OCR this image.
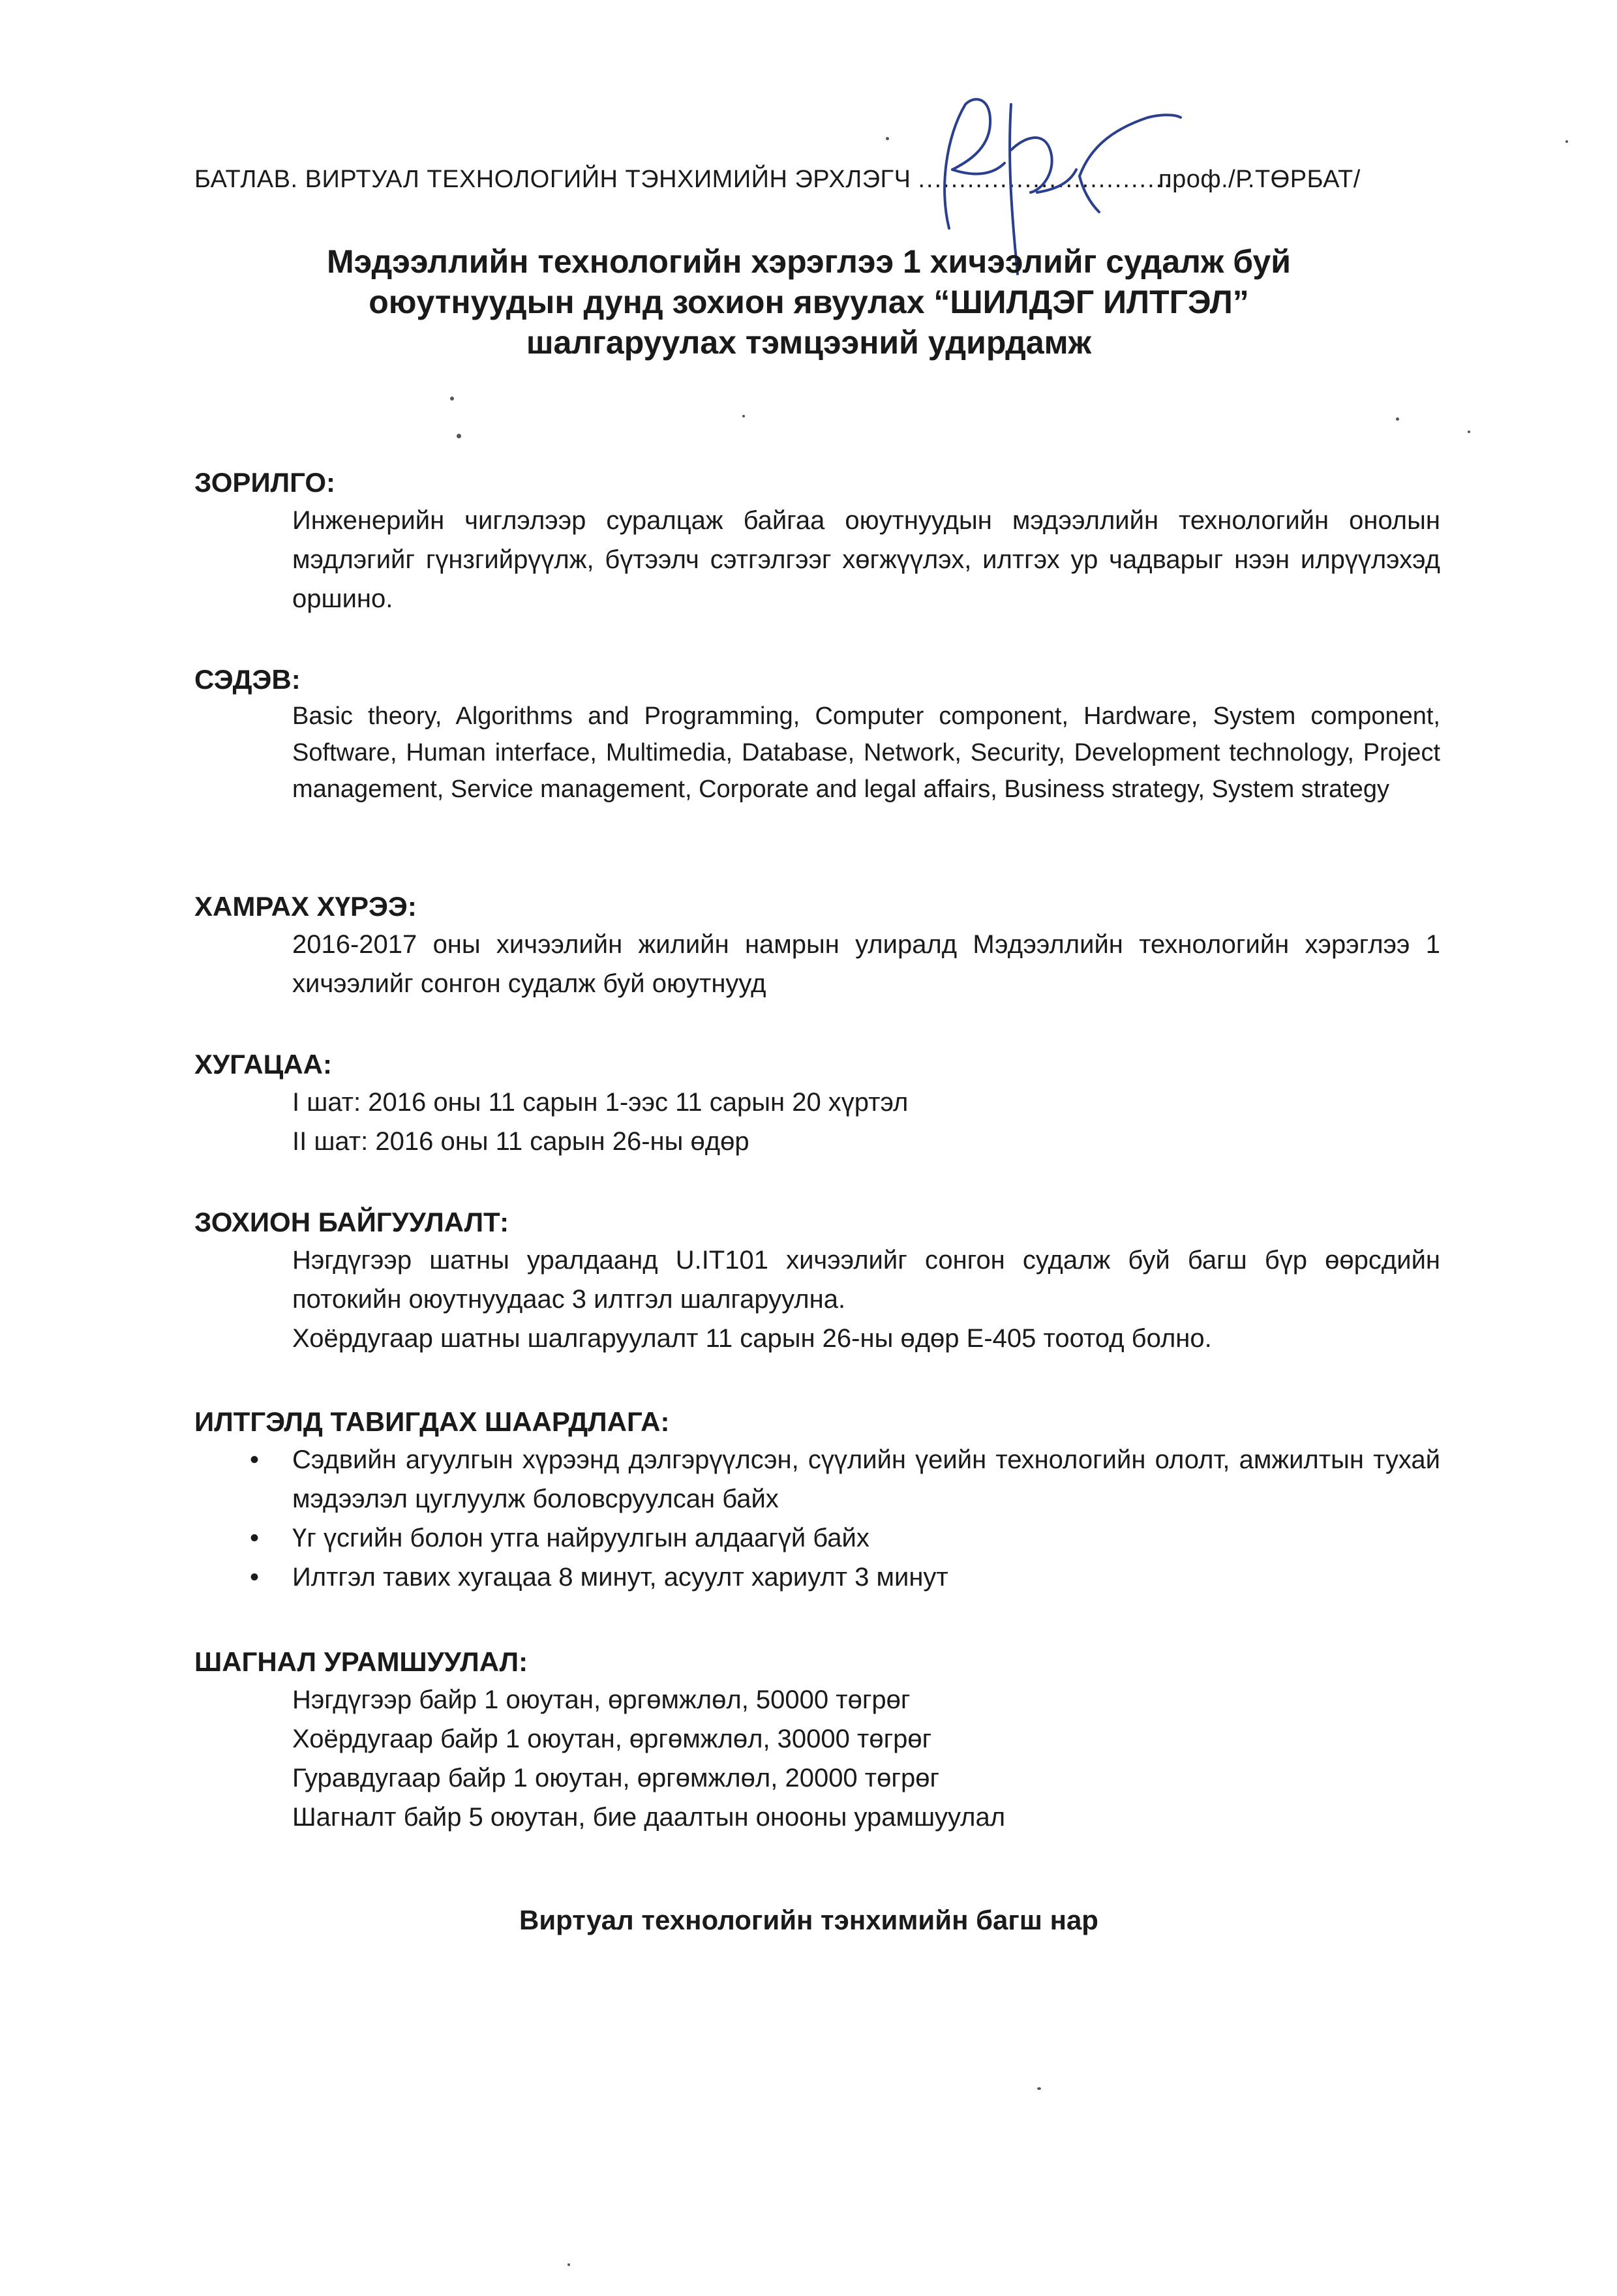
БАТЛАВ. ВИРТУАЛ ТЕХНОЛОГИЙН ТЭНХИМИЙН ЭРХЛЭГЧ ...............................
проф./Р.ТӨРБАТ/
Мэдээллийн технологийн хэрэглээ 1 хичээлийг судалж буй
оюутнуудын дунд зохион явуулах “ШИЛДЭГ ИЛТГЭЛ”
шалгаруулах тэмцээний удирдамж
ЗОРИЛГО:
Инженерийн чиглэлээр суралцаж байгаа оюутнуудын мэдээллийн технологийн онолын мэдлэгийг гүнзгийрүүлж, бүтээлч сэтгэлгээг хөгжүүлэх, илтгэх ур чадварыг нээн илрүүлэхэд оршино.
СЭДЭВ:
Basic theory, Algorithms and Programming, Computer component, Hardware, System component, Software, Human interface, Multimedia, Database, Network, Security, Development technology, Project management, Service management, Corporate and legal affairs, Business strategy, System strategy
ХАМРАХ ХҮРЭЭ:
2016-2017 оны хичээлийн жилийн намрын улиралд Мэдээллийн технологийн хэрэглээ 1 хичээлийг сонгон судалж буй оюутнууд
ХУГАЦАА:
I шат: 2016 оны 11 сарын 1-ээс 11 сарын 20 хүртэл
II шат: 2016 оны 11 сарын 26-ны өдөр
ЗОХИОН БАЙГУУЛАЛТ:
Нэгдүгээр шатны уралдаанд U.IT101 хичээлийг сонгон судалж буй багш бүр өөрсдийн потокийн оюутнуудаас 3 илтгэл шалгаруулна.
Хоёрдугаар шатны шалгаруулалт 11 сарын 26-ны өдөр E-405 тоотод болно.
ИЛТГЭЛД ТАВИГДАХ ШААРДЛАГА:
•	Сэдвийн агуулгын хүрээнд дэлгэрүүлсэн, сүүлийн үеийн технологийн ололт, амжилтын тухай мэдээлэл цуглуулж боловсруулсан байх
•	Үг үсгийн болон утга найруулгын алдаагүй байх
•	Илтгэл тавих хугацаа 8 минут, асуулт хариулт 3 минут
ШАГНАЛ УРАМШУУЛАЛ:
Нэгдүгээр байр 1 оюутан, өргөмжлөл, 50000 төгрөг
Хоёрдугаар байр 1 оюутан, өргөмжлөл, 30000 төгрөг
Гуравдугаар байр 1 оюутан, өргөмжлөл, 20000 төгрөг
Шагналт байр 5 оюутан, бие даалтын онооны урамшуулал
Виртуал технологийн тэнхимийн багш нар
